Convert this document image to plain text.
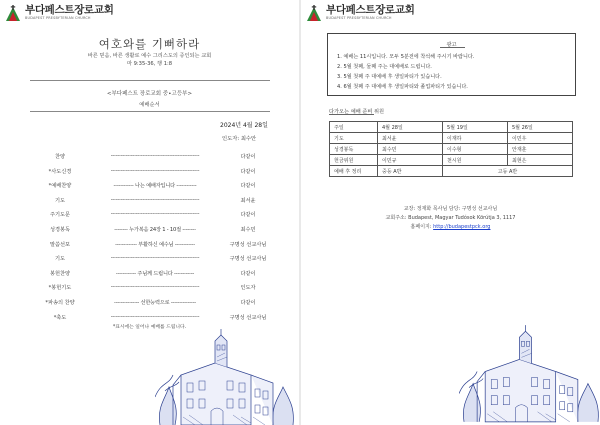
부다페스트장로교회
BUDAPEST PRESBYTERIAN CHURCH
여호와를 기뻐하라
바른 믿음, 바른 생활로 예수 그리스도의 증인되는 교회
마 9:35-36, 행 1:8
<부다페스트 장로교회 중∙고등부>
예배순서
2024년 4월 28일
인도자: 최수안
찬양	-----------------------------------------------------	다같이
*사도신경	-----------------------------------------------------	다같이
*예배찬양	------------ 나는 예배자입니다 ------------	다같이
기도	-----------------------------------------------------	최서윤
주기도문	-----------------------------------------------------	다같이
성경봉독	-------- 누가복음 24장 1 - 10절 --------	최수민
말씀선포	------------- 부활하신 예수님 ------------	구명성 선교사님
기도	-----------------------------------------------------	구명성 선교사님
봉헌찬양	------------ 주님께 드립니다 ------------	다같이
*봉헌기도	-----------------------------------------------------	인도자
*파송의 찬양	--------------- 선한능력으로 ---------------	다같이
*축도	-----------------------------------------------------	구명성 선교사님
*표시에는 일어나 예배를 드립니다.
부다페스트장로교회
BUDAPEST PRESBYTERIAN CHURCH
광고
1. 예배는 11시입니다. 모두 5분전에 착석해 주시기 바랍니다.
2. 5월 첫째, 둘째 주는 대예배로 드립니다.
3. 5월 첫째 주 대예배 후 생일파티가 있습니다.
4. 6월 첫째 주 대예배 후 생일파티와 졸업파티가 있습니다.
다가오는 예배 준비 위원
주일	4월 28일	5월 19일	5월 26일
기도	최서윤	이재하	이민우
성경봉독	최수민	이수형	안재훈
헌금위원	이민규	천시원	최현은
예배 후 정리	중등 A반	고등 A반	
교장: 정재화 목사님 담당: 구명성 선교사님
교회주소: Budapest, Magyar Tudósok Körútja 3, 1117
홈페이지: http://budapestpck.org
